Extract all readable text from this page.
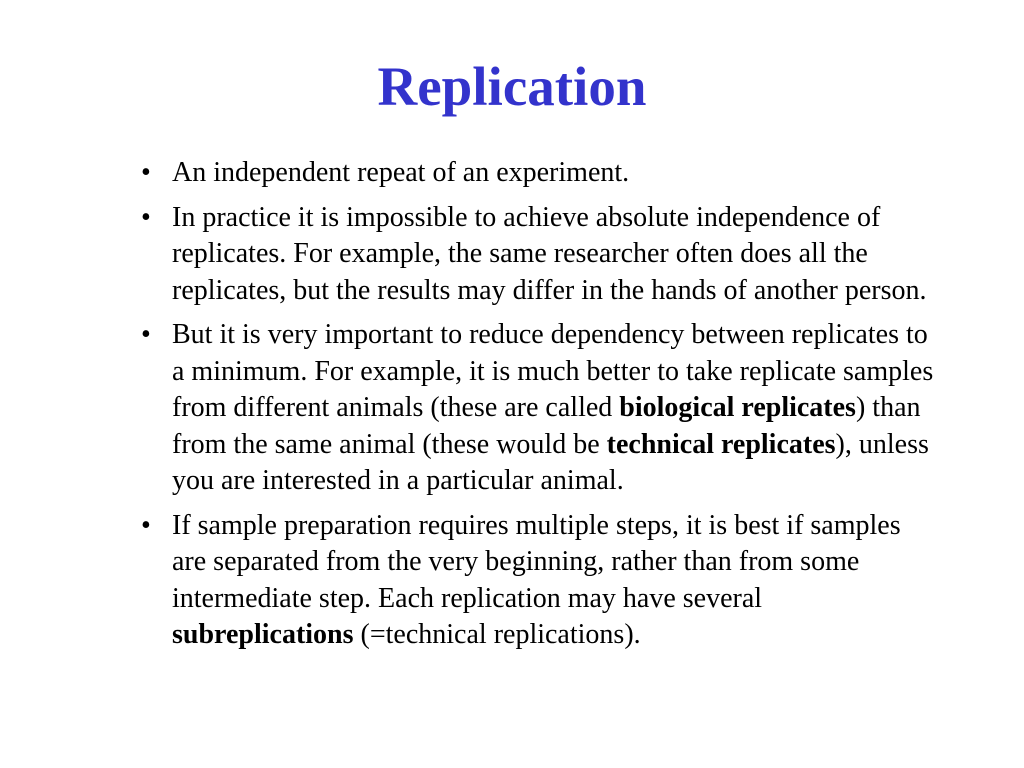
Replication
• An independent repeat of an experiment.
• In practice it is impossible to achieve absolute independence of replicates. For example, the same researcher often does all the replicates, but the results may differ in the hands of another person.
• But it is very important to reduce dependency between replicates to a minimum. For example, it is much better to take replicate samples from different animals (these are called biological replicates) than from the same animal (these would be technical replicates), unless you are interested in a particular animal.
• If sample preparation requires multiple steps, it is best if samples are separated from the very beginning, rather than from some intermediate step. Each replication may have several subreplications (=technical replications).
